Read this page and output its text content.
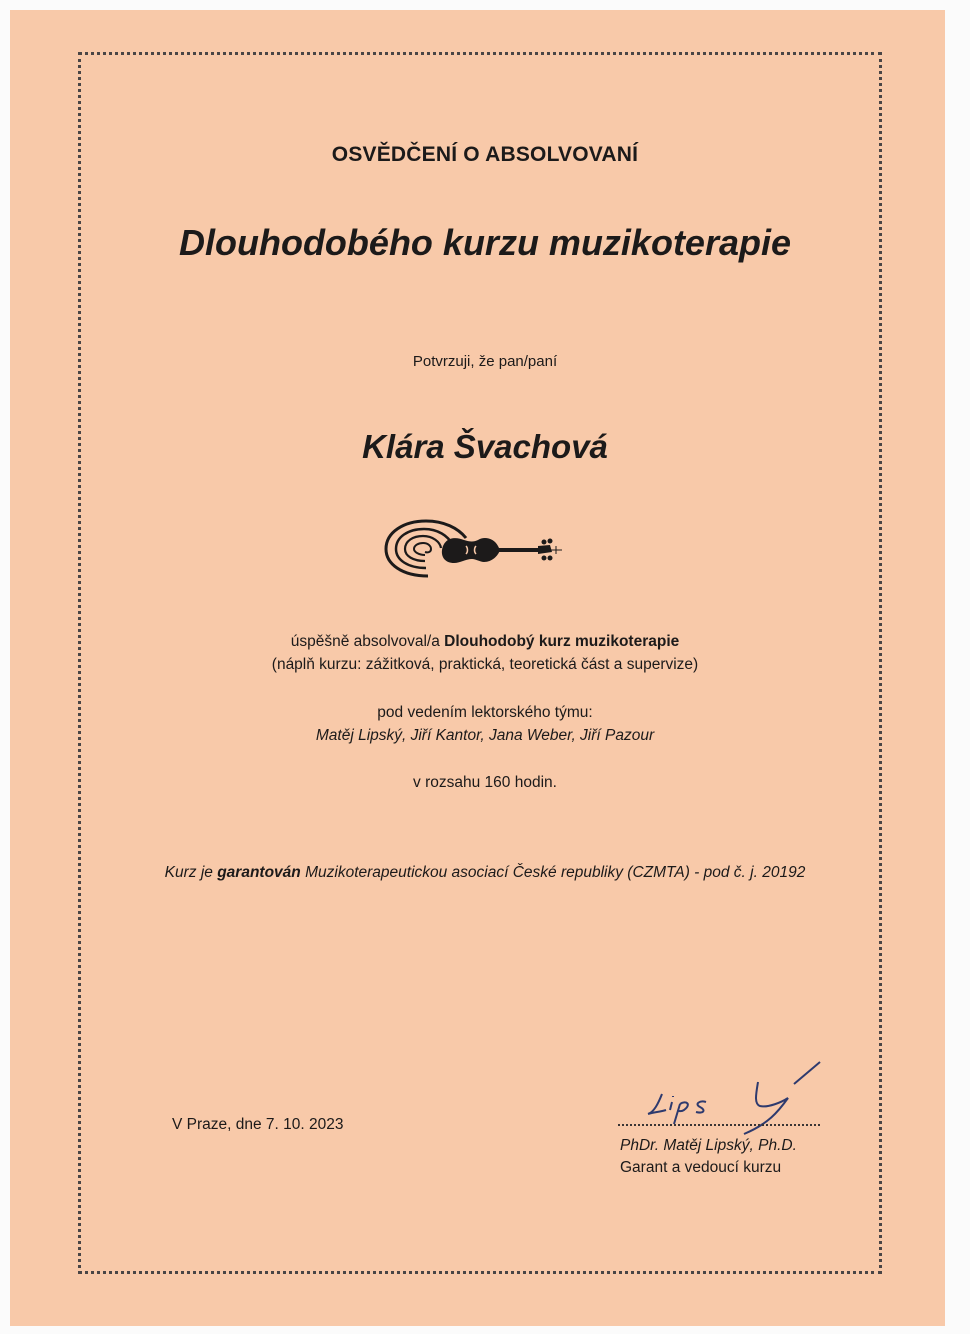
OSVĚDČENÍ O ABSOLVOVANÍ
Dlouhodobého kurzu muzikoterapie
Potvrzuji, že pan/paní
Klára Švachová
úspěšně absolvoval/a Dlouhodobý kurz muzikoterapie
(náplň kurzu: zážitková, praktická, teoretická část a supervize)
pod vedením lektorského týmu:
Matěj Lipský, Jiří Kantor, Jana Weber, Jiří Pazour
v rozsahu 160 hodin.
Kurz je garantován Muzikoterapeutickou asociací České republiky (CZMTA) - pod č. j. 20192
V Praze, dne 7. 10. 2023
PhDr. Matěj Lipský, Ph.D.
Garant a vedoucí kurzu
